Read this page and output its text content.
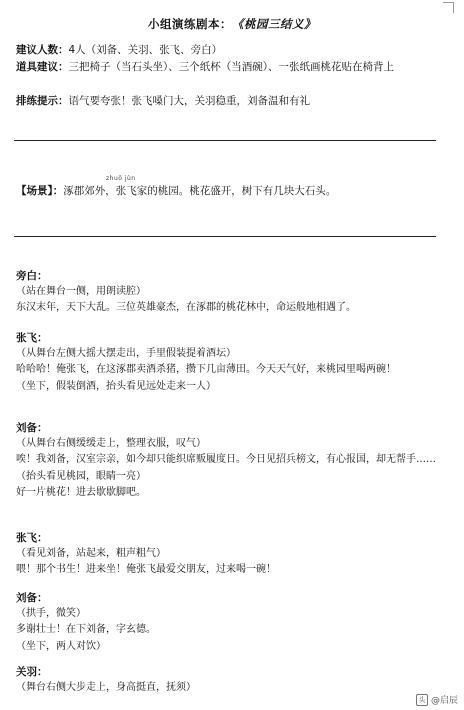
小组演练剧本：《桃园三结义》
建议人数：4人（刘备、关羽、张飞、旁白）
道具建议：三把椅子（当石头坐）、三个纸杯（当酒碗）、一张纸画桃花贴在椅背上
排练提示：语气要夸张！张飞嗓门大，关羽稳重，刘备温和有礼
zhuō jùn
【场景】：涿郡郊外，张飞家的桃园。桃花盛开，树下有几块大石头。
旁白：
（站在舞台一侧，用朗读腔）
东汉末年，天下大乱。三位英雄豪杰，在涿郡的桃花林中，命运般地相遇了。
张飞：
（从舞台左侧大摇大摆走出，手里假装提着酒坛）
哈哈哈！俺张飞，在这涿郡卖酒杀猪，攒下几亩薄田。今天天气好，来桃园里喝两碗！
（坐下，假装倒酒，抬头看见远处走来一人）
刘备：
（从舞台右侧缓缓走上，整理衣服，叹气）
唉！我刘备，汉室宗亲，如今却只能织席贩履度日。今日见招兵榜文，有心报国，却无帮手……
（抬头看见桃园，眼睛一亮）
好一片桃花！进去歇歇脚吧。
张飞：
（看见刘备，站起来，粗声粗气）
喂！那个书生！进来坐！俺张飞最爱交朋友，过来喝一碗！
刘备：
（拱手，微笑）
多谢壮士！在下刘备，字玄德。
（坐下，两人对饮）
关羽：
（舞台右侧大步走上，身高挺直，抚须）
头 @启辰
